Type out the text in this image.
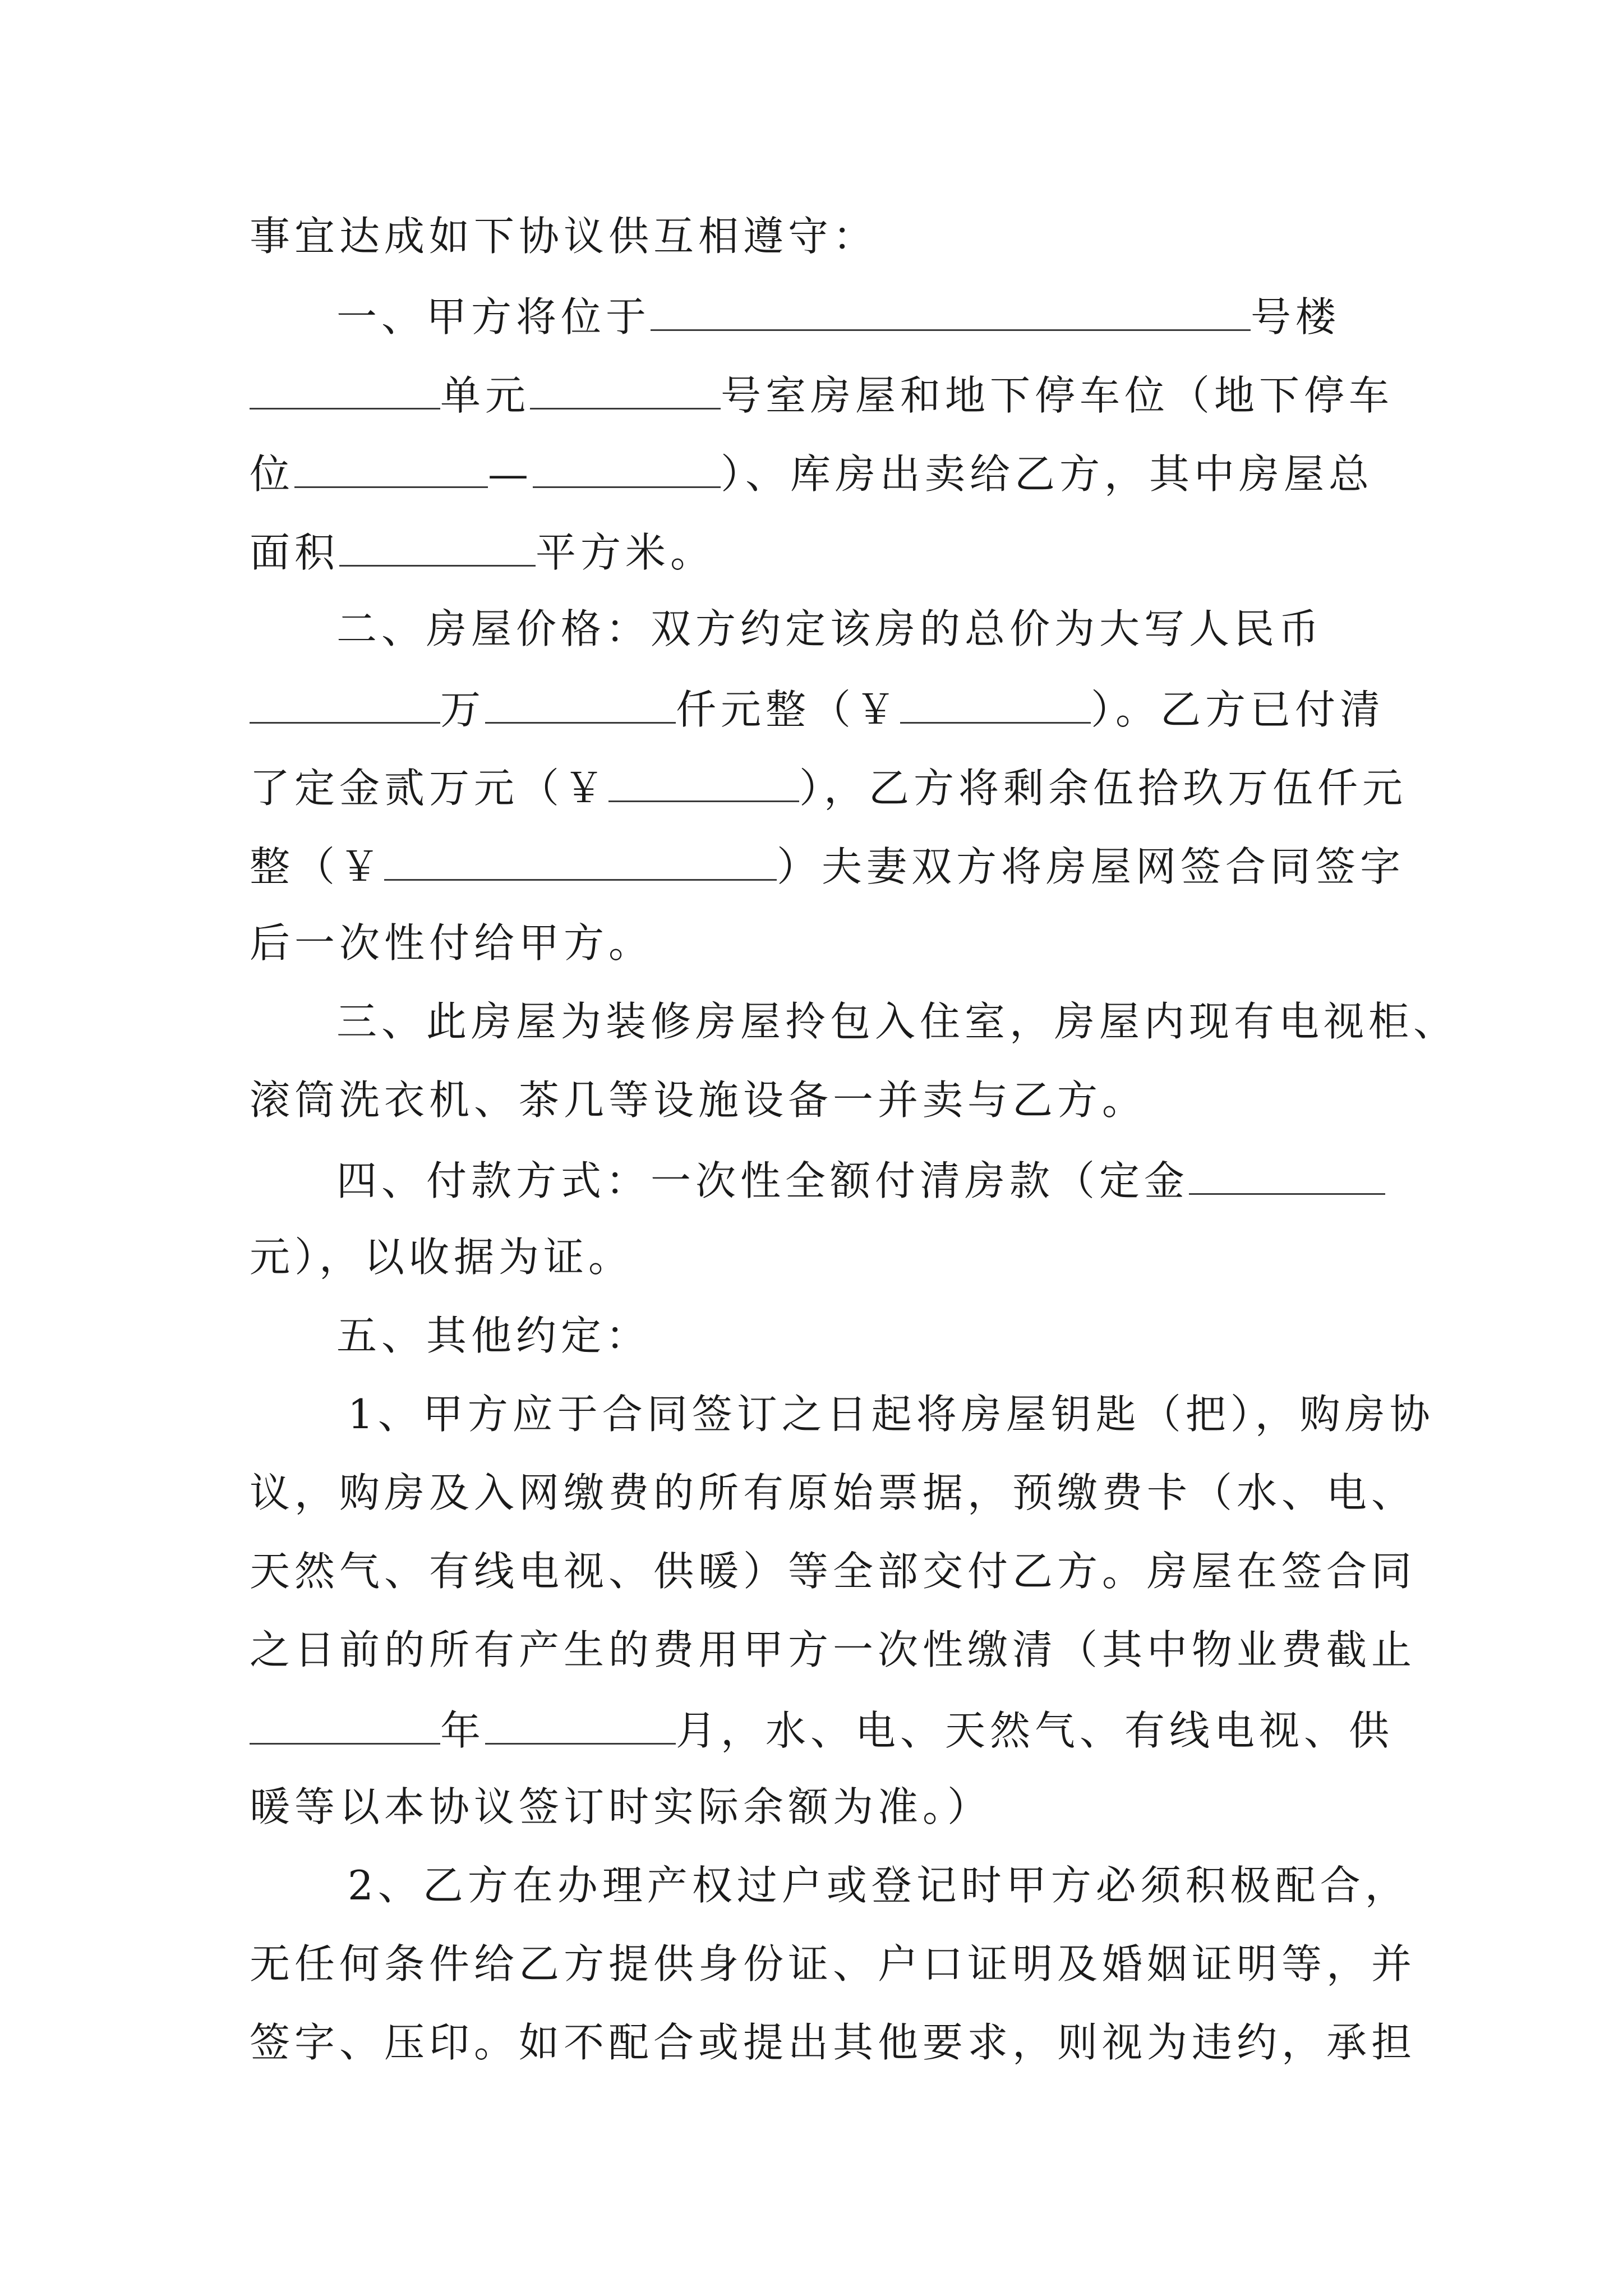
事宜达成如下协议供互相遵守：
一、甲方将位于	号楼
单元	号室房屋和地下停车位（地下停车
位	—	）、库房出卖给乙方，其中房屋总
面积	平方米。
二、房屋价格：双方约定该房的总价为大写人民币
万	仟元整（￥	）。乙方已付清
了定金贰万元（￥	），乙方将剩余伍拾玖万伍仟元
整（￥	）夫妻双方将房屋网签合同签字
后一次性付给甲方。
三、此房屋为装修房屋拎包入住室，房屋内现有电视柜、
滚筒洗衣机、茶几等设施设备一并卖与乙方。
四、付款方式：一次性全额付清房款（定金
元），以收据为证。
五、其他约定：
1、甲方应于合同签订之日起将房屋钥匙（把），购房协
议，购房及入网缴费的所有原始票据，预缴费卡（水、电、
天然气、有线电视、供暖）等全部交付乙方。房屋在签合同
之日前的所有产生的费用甲方一次性缴清（其中物业费截止
年	月，水、电、天然气、有线电视、供
暖等以本协议签订时实际余额为准。）
2、乙方在办理产权过户或登记时甲方必须积极配合，
无任何条件给乙方提供身份证、户口证明及婚姻证明等，并
签字、压印。如不配合或提出其他要求，则视为违约，承担
